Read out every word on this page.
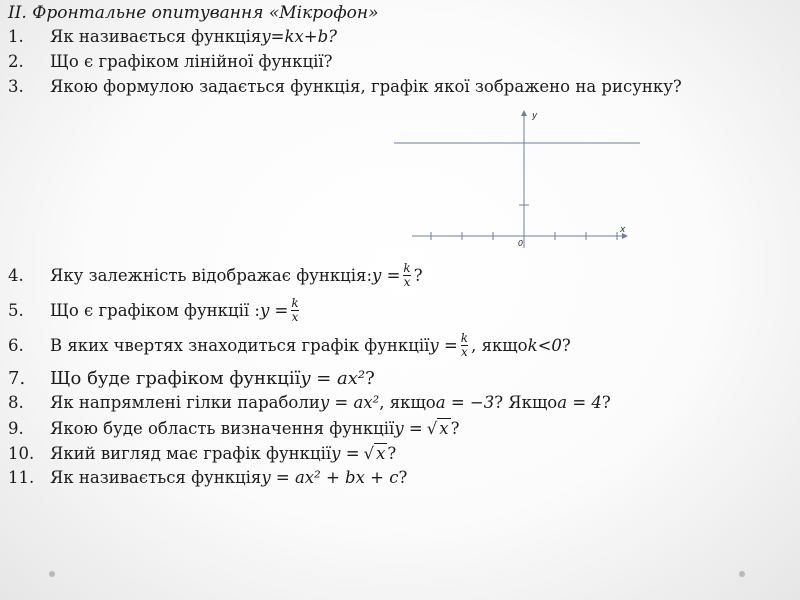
II. Фронтальне опитування «Мікрофон»
1.	Як називається функція y=kx+b?
2.	Що є графіком лінійної функції?
3.	Якою формулою задається функція, графік якої зображено на рисунку?
y
x
0
4.	Яку залежність відображає функція: $y = \frac{k}{x}$ ?
5.	Що є графіком функції : $y = \frac{k}{x}$
6.	В яких чвертях знаходиться графік функції $y = \frac{k}{x}$ , якщо k<0 ?
7.	Що буде графіком функції y = ax² ?
8.	Як напрямлені гілки параболи y = ax² , якщо a = −3 ? Якщо a = 4 ?
9.	Якою буде область визначення функції y = √ x ?
10. Який вигляд має графік функції y = √ x ?
11. Як називається функція y = ax² + bx + c ?
